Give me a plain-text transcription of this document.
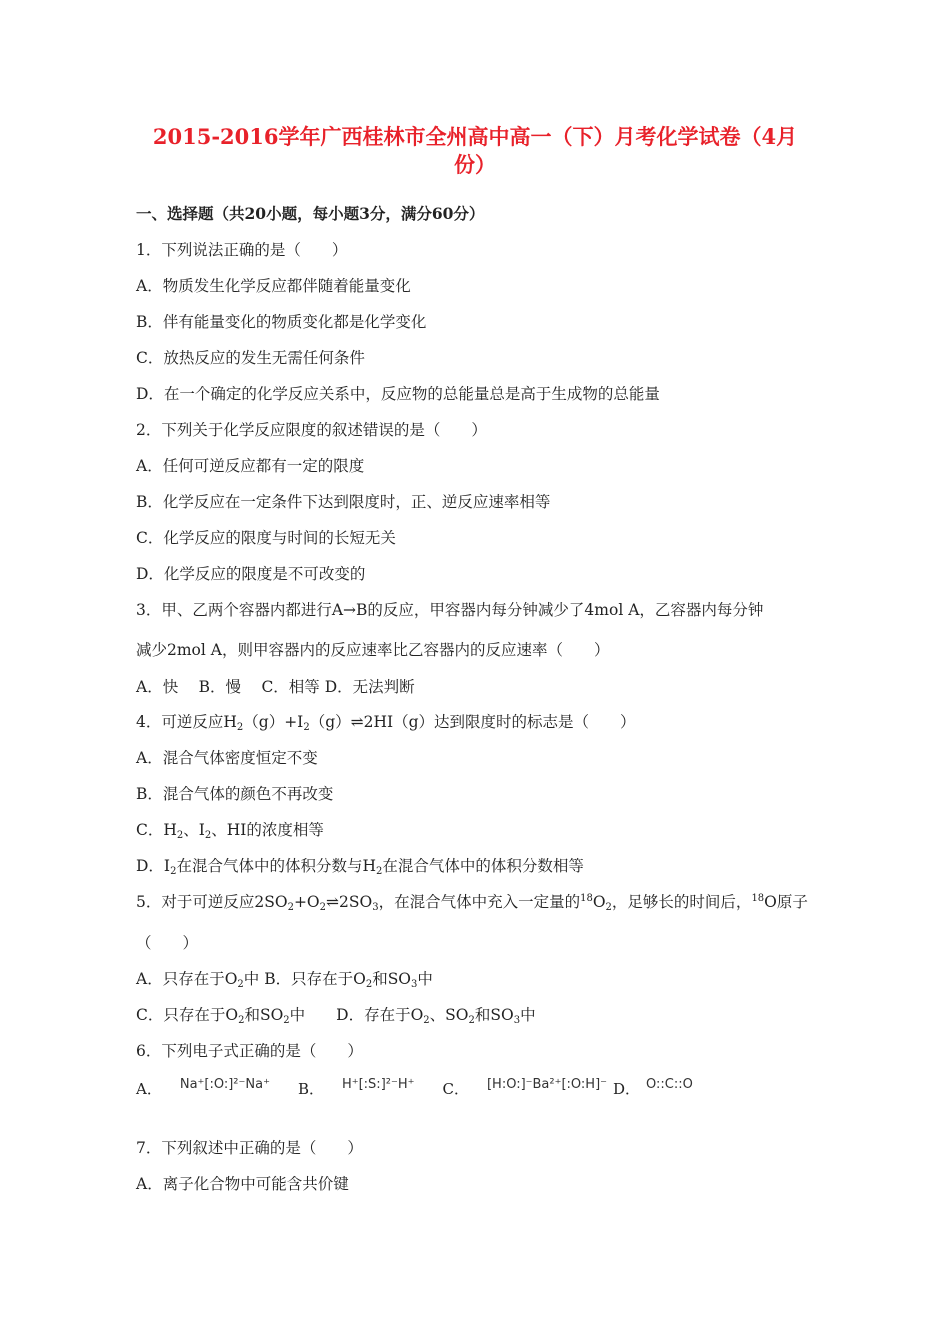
2015-2016学年广西桂林市全州高中高一（下）月考化学试卷（4月
份）
一、选择题（共20小题，每小题3分，满分60分）
1．下列说法正确的是（　　）
A．物质发生化学反应都伴随着能量变化
B．伴有能量变化的物质变化都是化学变化
C．放热反应的发生无需任何条件
D．在一个确定的化学反应关系中，反应物的总能量总是高于生成物的总能量
2．下列关于化学反应限度的叙述错误的是（　　）
A．任何可逆反应都有一定的限度
B．化学反应在一定条件下达到限度时，正、逆反应速率相等
C．化学反应的限度与时间的长短无关
D．化学反应的限度是不可改变的
3．甲、乙两个容器内都进行A→B的反应，甲容器内每分钟减少了4mol A，乙容器内每分钟
减少2mol A，则甲容器内的反应速率比乙容器内的反应速率（　　）
A．快　 B．慢　 C．相等 D．无法判断
4．可逆反应$H_2(g)+I_2(g)\rightleftharpoons 2HI(g)$达到限度时的标志是（　　）
A．混合气体密度恒定不变
B．混合气体的颜色不再改变
C．$H_2$、$I_2$、HI的浓度相等
D．$I_2$在混合气体中的体积分数与$H_2$在混合气体中的体积分数相等
5．对于可逆反应$2SO_2+O_2\rightleftharpoons 2SO_3$，在混合气体中充入一定量的$^{18}O_2$，足够长的时间后，$^{18}$O原子
（　　）
A．只存在于$O_2$中 B．只存在于$O_2$和$SO_3$中
C．只存在于$O_2$和$SO_2$中　　D．存在于$O_2$、$SO_2$和$SO_3$中
6．下列电子式正确的是（　　）
A． Na⁺[:O:]²⁻Na⁺ B． H⁺[:S:]²⁻H⁺ C． [H:O:]⁻Ba²⁺[:O:H]⁻ D． O::C::O
7．下列叙述中正确的是（　　）
A．离子化合物中可能含共价键
